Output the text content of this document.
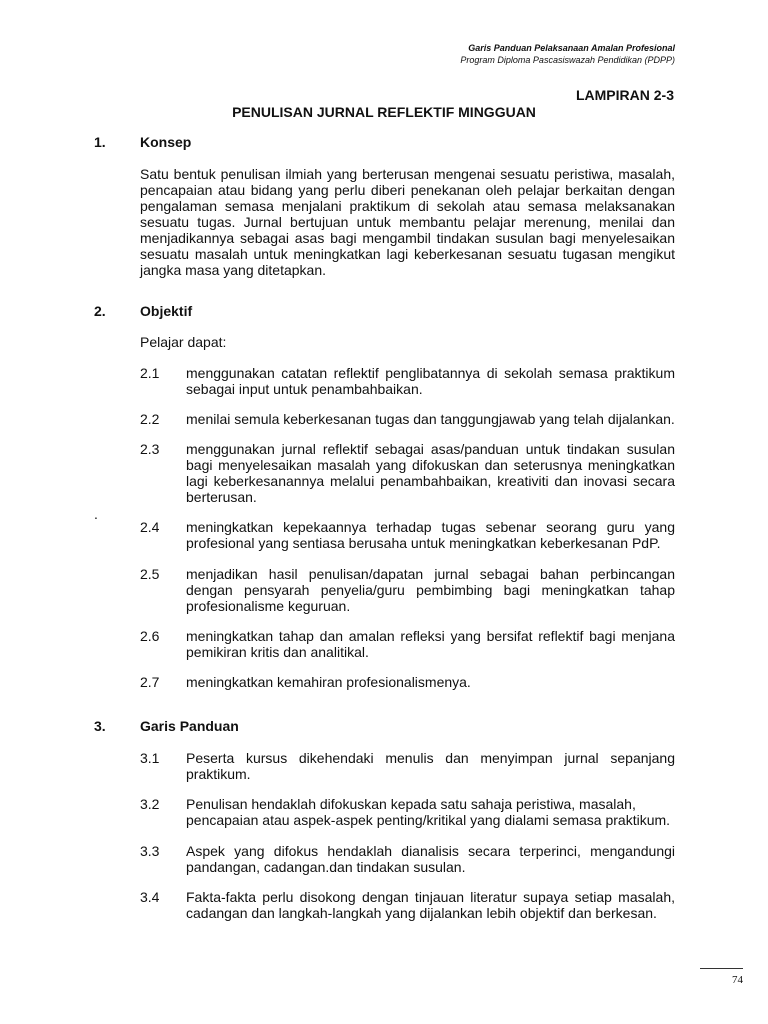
Garis Panduan Pelaksanaan Amalan Profesional
Program Diploma Pascasiswazah Pendidikan (PDPP)
LAMPIRAN 2-3
PENULISAN JURNAL REFLEKTIF MINGGUAN
1. Konsep
Satu bentuk penulisan ilmiah yang berterusan mengenai sesuatu peristiwa, masalah, pencapaian atau bidang yang perlu diberi penekanan oleh pelajar berkaitan dengan pengalaman semasa menjalani praktikum di sekolah atau semasa melaksanakan sesuatu tugas. Jurnal bertujuan untuk membantu pelajar merenung, menilai dan menjadikannya sebagai asas bagi mengambil tindakan susulan bagi menyelesaikan sesuatu masalah untuk meningkatkan lagi keberkesanan sesuatu tugasan mengikut jangka masa yang ditetapkan.
2. Objektif
Pelajar dapat:
2.1 menggunakan catatan reflektif penglibatannya di sekolah semasa praktikum sebagai input untuk penambahbaikan.
2.2 menilai semula keberkesanan tugas dan tanggungjawab yang telah dijalankan.
2.3 menggunakan jurnal reflektif sebagai asas/panduan untuk tindakan susulan bagi menyelesaikan masalah yang difokuskan dan seterusnya meningkatkan lagi keberkesanannya melalui penambahbaikan, kreativiti dan inovasi secara berterusan.
.
2.4 meningkatkan kepekaannya terhadap tugas sebenar seorang guru yang profesional yang sentiasa berusaha untuk meningkatkan keberkesanan PdP.
2.5 menjadikan hasil penulisan/dapatan jurnal sebagai bahan perbincangan dengan pensyarah penyelia/guru pembimbing bagi meningkatkan tahap profesionalisme keguruan.
2.6 meningkatkan tahap dan amalan refleksi yang bersifat reflektif bagi menjana pemikiran kritis dan analitikal.
2.7 meningkatkan kemahiran profesionalismenya.
3. Garis Panduan
3.1 Peserta kursus dikehendaki menulis dan menyimpan jurnal sepanjang praktikum.
3.2 Penulisan hendaklah difokuskan kepada satu sahaja peristiwa, masalah, pencapaian atau aspek-aspek penting/kritikal yang dialami semasa praktikum.
3.3 Aspek yang difokus hendaklah dianalisis secara terperinci, mengandungi pandangan, cadangan.dan tindakan susulan.
3.4 Fakta-fakta perlu disokong dengan tinjauan literatur supaya setiap masalah, cadangan dan langkah-langkah yang dijalankan lebih objektif dan berkesan.
74
